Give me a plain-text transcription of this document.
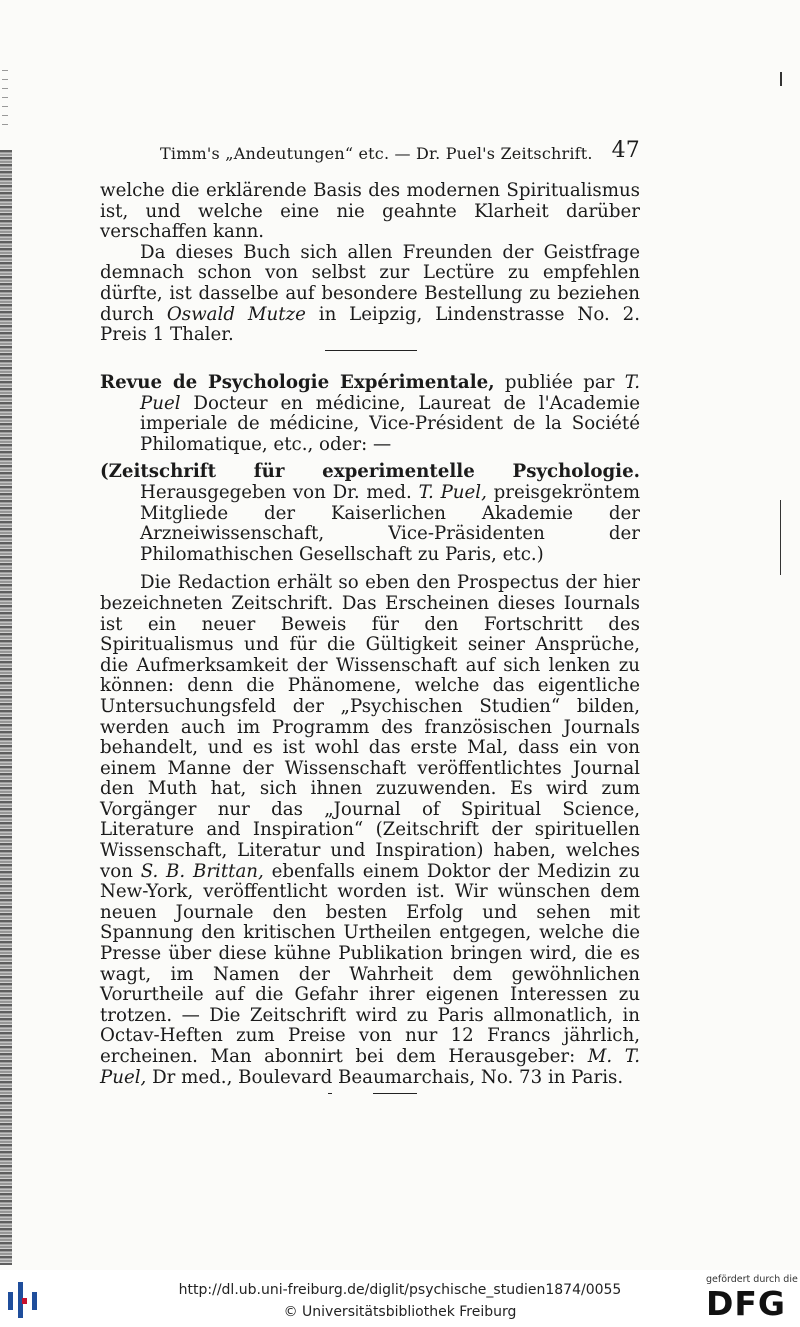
Timm's „Andeutungen“ etc. — Dr. Puel's Zeitschrift. 47

welche die erklärende Basis des modernen Spiritualismus ist, und welche eine nie geahnte Klarheit darüber verschaffen kann.

Da dieses Buch sich allen Freunden der Geistfrage demnach schon von selbst zur Lectüre zu empfehlen dürfte, ist dasselbe auf besondere Bestellung zu beziehen durch Oswald Mutze in Leipzig, Lindenstrasse No. 2. Preis 1 Thaler.

Revue de Psychologie Expérimentale, publiée par T. Puel Docteur en médicine, Laureat de l'Academie imperiale de médicine, Vice-Président de la Société Philomatique, etc., oder: —

(Zeitschrift für experimentelle Psychologie. Herausgegeben von Dr. med. T. Puel, preisgekröntem Mitgliede der Kaiserlichen Akademie der Arzneiwissenschaft, Vice-Präsidenten der Philomathischen Gesellschaft zu Paris, etc.)

Die Redaction erhält so eben den Prospectus der hier bezeichneten Zeitschrift. Das Erscheinen dieses Iournals ist ein neuer Beweis für den Fortschritt des Spiritualismus und für die Gültigkeit seiner Ansprüche, die Aufmerksamkeit der Wissenschaft auf sich lenken zu können: denn die Phänomene, welche das eigentliche Untersuchungsfeld der „Psychischen Studien“ bilden, werden auch im Programm des französischen Journals behandelt, und es ist wohl das erste Mal, dass ein von einem Manne der Wissenschaft veröffentlichtes Journal den Muth hat, sich ihnen zuzuwenden. Es wird zum Vorgänger nur das „Journal of Spiritual Science, Literature and Inspiration“ (Zeitschrift der spirituellen Wissenschaft, Literatur und Inspiration) haben, welches von S. B. Brittan, ebenfalls einem Doktor der Medizin zu New-York, veröffentlicht worden ist. Wir wünschen dem neuen Journale den besten Erfolg und sehen mit Spannung den kritischen Urtheilen entgegen, welche die Presse über diese kühne Publikation bringen wird, die es wagt, im Namen der Wahrheit dem gewöhnlichen Vorurtheile auf die Gefahr ihrer eigenen Interessen zu trotzen. — Die Zeitschrift wird zu Paris allmonatlich, in Octav-Heften zum Preise von nur 12 Francs jährlich, ercheinen. Man abonnirt bei dem Herausgeber: M. T. Puel, Dr med., Boulevard Beaumarchais, No. 73 in Paris.

http://dl.ub.uni-freiburg.de/diglit/psychische_studien1874/0055
© Universitätsbibliothek Freiburg
gefördert durch die
DFG
